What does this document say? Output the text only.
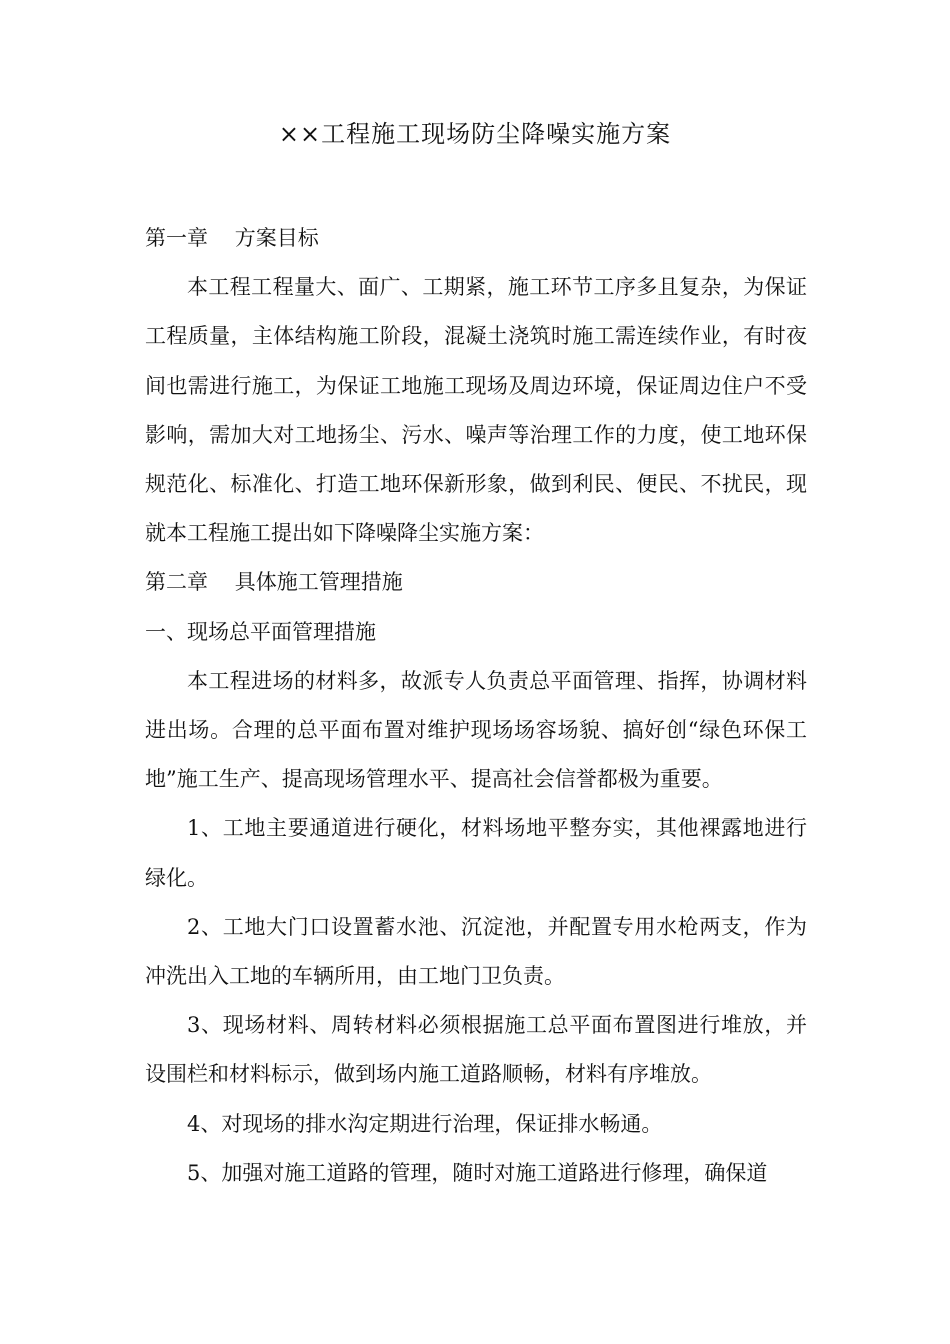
××工程施工现场防尘降噪实施方案

第一章    方案目标

本工程工程量大、面广、工期紧，施工环节工序多且复杂，为保证工程质量，主体结构施工阶段，混凝土浇筑时施工需连续作业，有时夜间也需进行施工，为保证工地施工现场及周边环境，保证周边住户不受影响，需加大对工地扬尘、污水、噪声等治理工作的力度，使工地环保规范化、标准化、打造工地环保新形象，做到利民、便民、不扰民，现就本工程施工提出如下降噪降尘实施方案：

第二章    具体施工管理措施

一、现场总平面管理措施

本工程进场的材料多，故派专人负责总平面管理、指挥，协调材料进出场。合理的总平面布置对维护现场场容场貌、搞好创“绿色环保工地”施工生产、提高现场管理水平、提高社会信誉都极为重要。

1、工地主要通道进行硬化，材料场地平整夯实，其他裸露地进行绿化。

2、工地大门口设置蓄水池、沉淀池，并配置专用水枪两支，作为冲洗出入工地的车辆所用，由工地门卫负责。

3、现场材料、周转材料必须根据施工总平面布置图进行堆放，并设围栏和材料标示，做到场内施工道路顺畅，材料有序堆放。

4、对现场的排水沟定期进行治理，保证排水畅通。

5、加强对施工道路的管理，随时对施工道路进行修理，确保道
